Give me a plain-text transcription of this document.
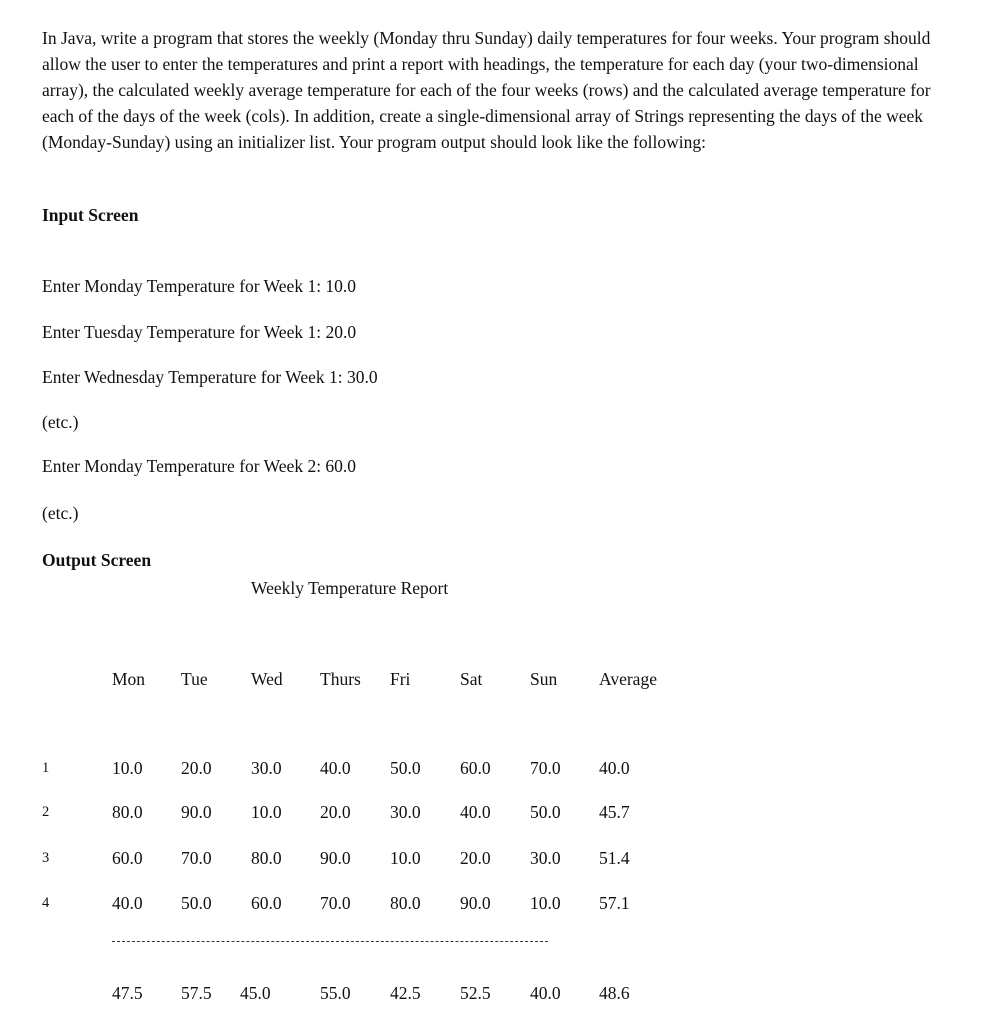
In Java, write a program that stores the weekly (Monday thru Sunday) daily temperatures for four weeks. Your program should allow the user to enter the temperatures and print a report with headings, the temperature for each day (your two-dimensional array), the calculated weekly average temperature for each of the four weeks (rows) and the calculated average temperature for each of the days of the week (cols). In addition, create a single-dimensional array of Strings representing the days of the week (Monday-Sunday) using an initializer list. Your program output should look like the following:

Input Screen

Enter Monday Temperature for Week 1: 10.0

Enter Tuesday Temperature for Week 1: 20.0

Enter Wednesday Temperature for Week 1: 30.0

(etc.)

Enter Monday Temperature for Week 2: 60.0

(etc.)

Output Screen

Weekly Temperature Report
Mon Tue Wed Thurs Fri	Sat	Sun Average
1	10.0 20.0 30.0 40.0 50.0 60.0 70.0 40.0
2	80.0 90.0 10.0 20.0 30.0 40.0 50.0 45.7
3	60.0 70.0 80.0 90.0 10.0 20.0 30.0 51.4
4	40.0 50.0 60.0 70.0 80.0 90.0 10.0 57.1
47.5 57.5 45.0	55.0 42.5 52.5 40.0 48.6
